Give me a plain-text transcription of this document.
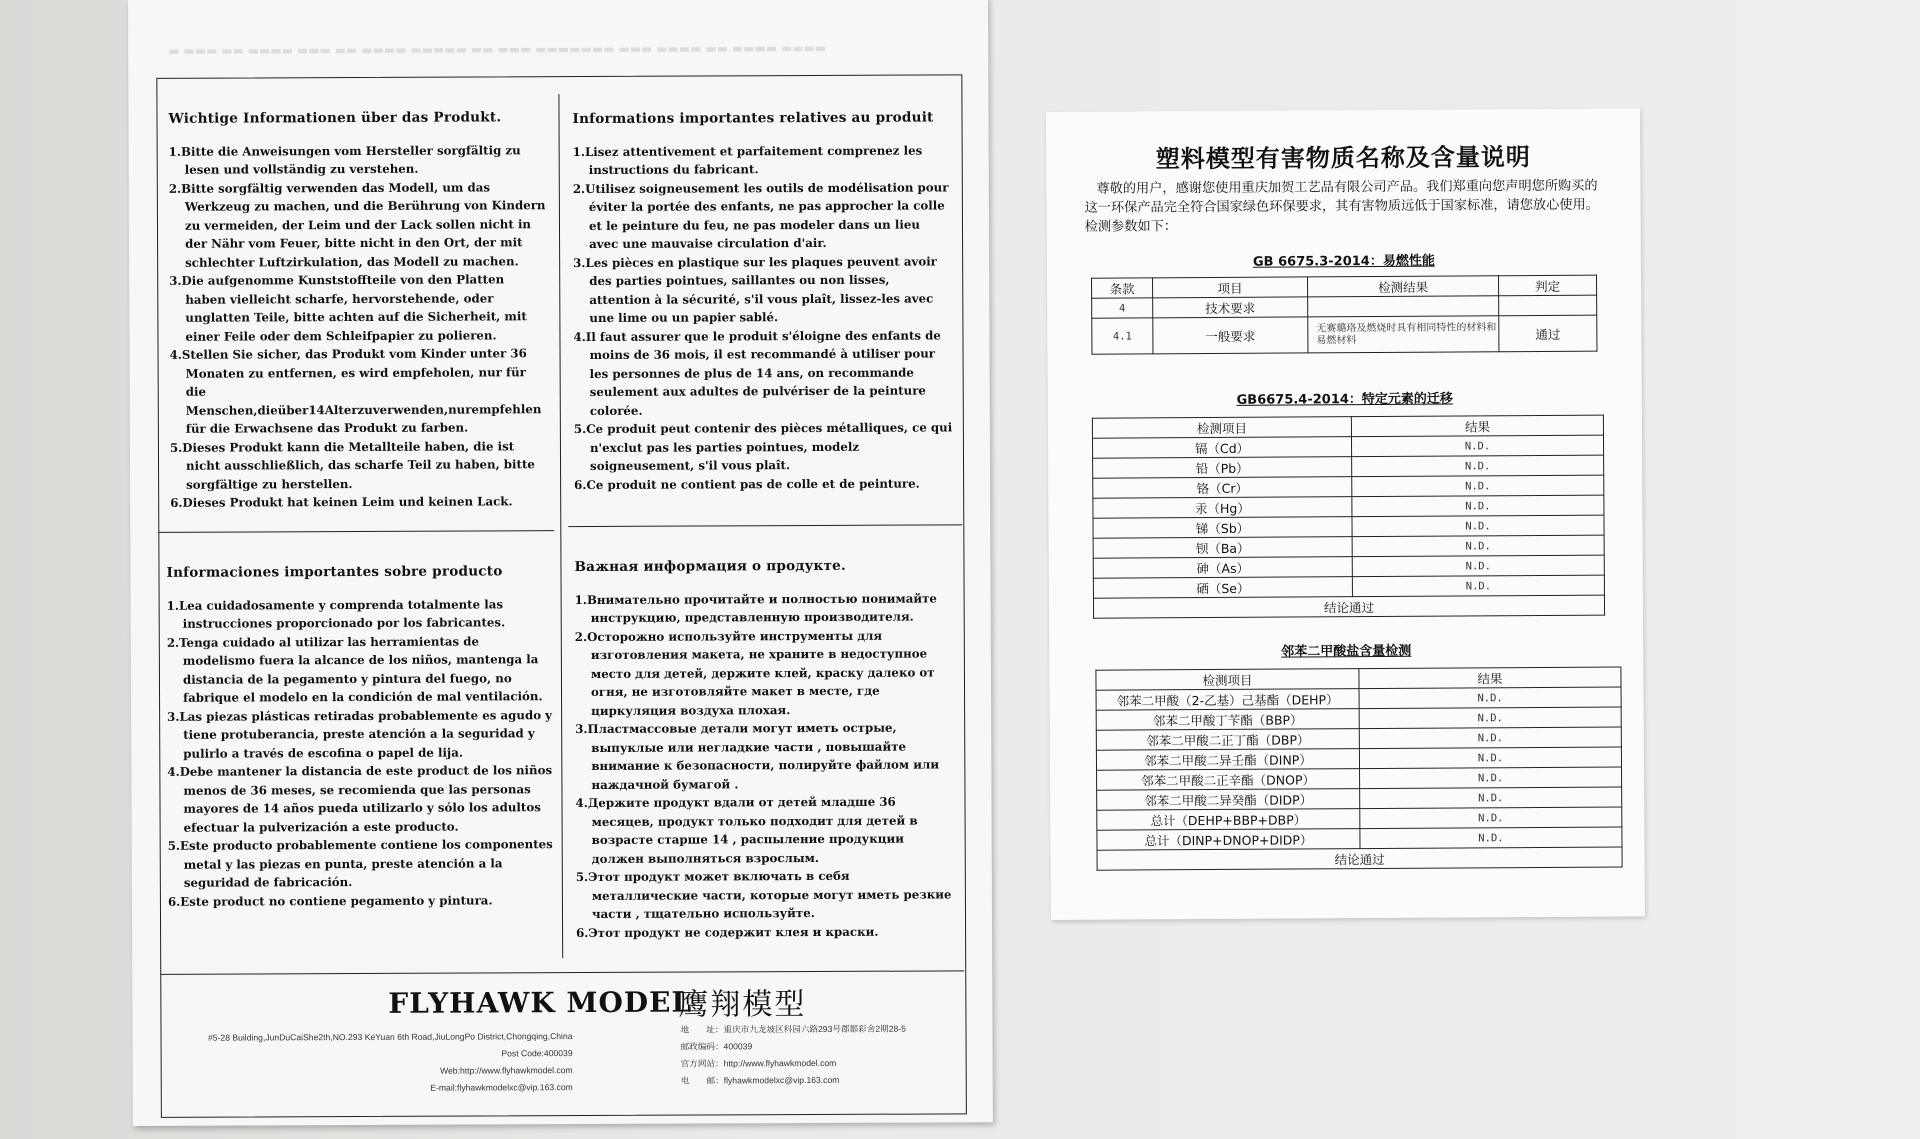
▬ ▬▬▬ ▬▬ ▬▬▬▬ ▬▬▬ ▬▬ ▬▬▬▬ ▬▬▬▬▬ ▬▬ ▬▬▬ ▬▬▬▬▬▬▬ ▬▬▬ ▬▬▬▬ ▬▬ ▬▬▬▬ ▬▬▬▬
Wichtige Informationen über das Produkt.
1.Bitte die Anweisungen vom Hersteller sorgfältig zu lesen und vollständig zu verstehen.
2.Bitte sorgfältig verwenden das Modell, um das Werkzeug zu machen, und die Berührung von Kindern zu vermeiden, der Leim und der Lack sollen nicht in der Nähr vom Feuer, bitte nicht in den Ort, der mit schlechter Luftzirkulation, das Modell zu machen.
3.Die aufgenomme Kunststoffteile von den Platten haben vielleicht scharfe, hervorstehende, oder unglatten Teile, bitte achten auf die Sicherheit, mit einer Feile oder dem Schleifpapier zu polieren.
4.Stellen Sie sicher, das Produkt vom Kinder unter 36 Monaten zu entfernen, es wird empfeholen, nur für die Menschen,dieüber14Alterzuverwenden,nurempfehlen für die Erwachsene das Produkt zu farben.
5.Dieses Produkt kann die Metallteile haben, die ist nicht ausschließlich, das scharfe Teil zu haben, bitte sorgfältige zu herstellen.
6.Dieses Produkt hat keinen Leim und keinen Lack.
Informations importantes relatives au produit
1.Lisez attentivement et parfaitement comprenez les instructions du fabricant.
2.Utilisez soigneusement les outils de modélisation pour éviter la portée des enfants, ne pas approcher la colle et le peinture du feu, ne pas modeler dans un lieu avec une mauvaise circulation d'air.
3.Les pièces en plastique sur les plaques peuvent avoir des parties pointues, saillantes ou non lisses, attention à la sécurité, s'il vous plaît, lissez-les avec une lime ou un papier sablé.
4.Il faut assurer que le produit s'éloigne des enfants de moins de 36 mois, il est recommandé à utiliser pour les personnes de plus de 14 ans, on recommande seulement aux adultes de pulvériser de la peinture colorée.
5.Ce produit peut contenir des pièces métalliques, ce qui n'exclut pas les parties pointues, modelz soigneusement, s'il vous plaît.
6.Ce produit ne contient pas de colle et de peinture.
Informaciones importantes sobre producto
1.Lea cuidadosamente y comprenda totalmente las instrucciones proporcionado por los fabricantes.
2.Tenga cuidado al utilizar las herramientas de modelismo fuera la alcance de los niños, mantenga la distancia de la pegamento y pintura del fuego, no fabrique el modelo en la condición de mal ventilación.
3.Las piezas plásticas retiradas probablemente es agudo y tiene protuberancia, preste atención a la seguridad y pulirlo a través de escofina o papel de lija.
4.Debe mantener la distancia de este product de los niños menos de 36 meses, se recomienda que las personas mayores de 14 años pueda utilizarlo y sólo los adultos efectuar la pulverización a este producto.
5.Este producto probablemente contiene los componentes metal y las piezas en punta, preste atención a la seguridad de fabricación.
6.Este product no contiene pegamento y pintura.
Важная информация о продукте.
1.Внимательно прочитайте и полностью понимайте инструкцию, представленную производителя.
2.Осторожно используйте инструменты для изготовления макета, не храните в недоступное место для детей, держите клей, краску далеко от огня, не изготовляйте макет в месте, где циркуляция воздуха плохая.
3.Пластмассовые детали могут иметь острые, выпуклые или негладкие части , повышайте внимание к безопасности, полируйте файлом или наждачной бумагой .
4.Держите продукт вдали от детей младше 36 месяцев, продукт только подходит для детей в возрасте старше 14 , распыление продукции должен выполняться взрослым.
5.Этот продукт может включать в себя металлические части, которые могут иметь резкие части , тщательно используйте.
6.Этот продукт не содержит клея и краски.
FLYHAWK MODEL
鹰翔模型
#5-28 Building,JunDuCaiShe2th,NO.293 KeYuan 6th Road,JiuLongPo District,Chongqing,China
Post Code:400039
Web:http://www.flyhawkmodel.com
E-mail:flyhawkmodelxc@vip.163.com
地　　址：重庆市九龙坡区科园六路293号郡都彩舍2期28-5
邮政编码：400039
官方网站：http://www.flyhawkmodel.com
电　　邮：flyhawkmodelxc@vip.163.com
塑料模型有害物质名称及含量说明
尊敬的用户，感谢您使用重庆加贺工艺品有限公司产品。我们郑重向您声明您所购买的这一环保产品完全符合国家绿色环保要求，其有害物质远低于国家标准，请您放心使用。检测参数如下：
GB 6675.3-2014：易燃性能
条款	项目	检测结果	判定
4	技术要求		
4.1	一般要求	无赛璐珞及燃烧时具有相同特性的材料和易燃材料	通过
GB6675.4-2014：特定元素的迁移
检测项目	结果
镉（Cd）	N.D.
铅（Pb）	N.D.
铬（Cr）	N.D.
汞（Hg）	N.D.
锑（Sb）	N.D.
钡（Ba）	N.D.
砷（As）	N.D.
硒（Se）	N.D.
结论通过	
邻苯二甲酸盐含量检测
检测项目	结果
邻苯二甲酸（2-乙基）己基酯（DEHP）	N.D.
邻苯二甲酸丁苄酯（BBP）	N.D.
邻苯二甲酸二正丁酯（DBP）	N.D.
邻苯二甲酸二异壬酯（DINP）	N.D.
邻苯二甲酸二正辛酯（DNOP）	N.D.
邻苯二甲酸二异癸酯（DIDP）	N.D.
总计（DEHP+BBP+DBP）	N.D.
总计（DINP+DNOP+DIDP）	N.D.
结论通过	
